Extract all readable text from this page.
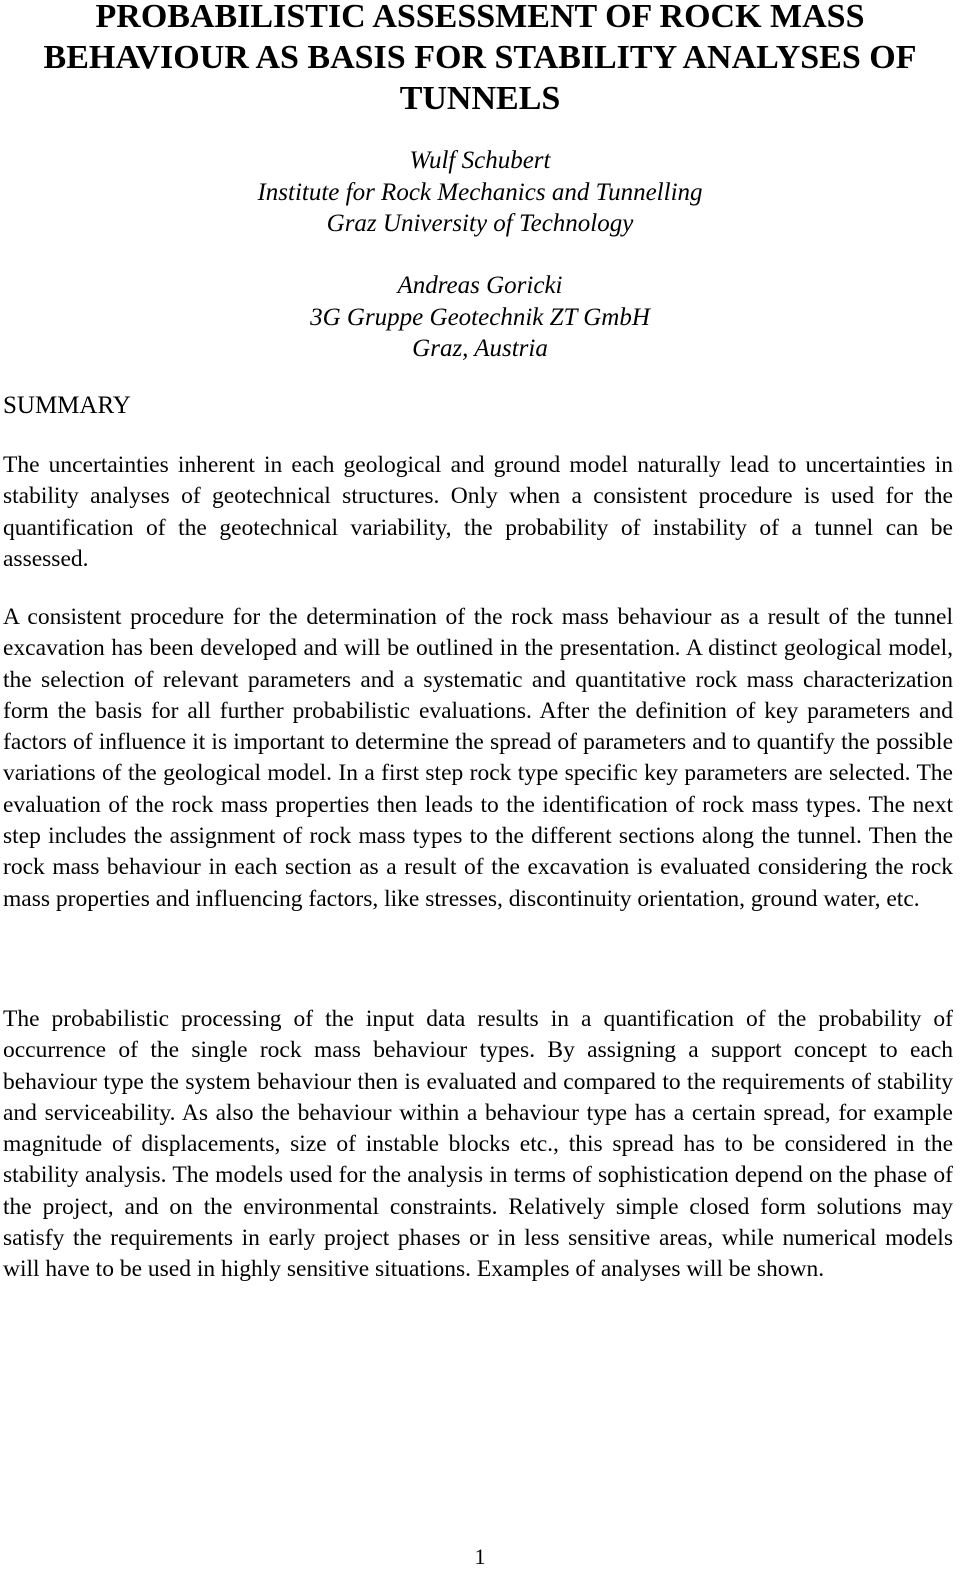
PROBABILISTIC ASSESSMENT OF ROCK MASS
BEHAVIOUR AS BASIS FOR STABILITY ANALYSES OF
TUNNELS
Wulf Schubert
Institute for Rock Mechanics and Tunnelling
Graz University of Technology
Andreas Goricki
3G Gruppe Geotechnik ZT GmbH
Graz, Austria
SUMMARY

The uncertainties inherent in each geological and ground model naturally lead to uncertainties in stability analyses of geotechnical structures. Only when a consistent procedure is used for the quantification of the geotechnical variability, the probability of instability of a tunnel can be assessed.

A consistent procedure for the determination of the rock mass behaviour as a result of the tunnel excavation has been developed and will be outlined in the presentation. A distinct geological model, the selection of relevant parameters and a systematic and quantitative rock mass characterization form the basis for all further probabilistic evaluations. After the definition of key parameters and factors of influence it is important to determine the spread of parameters and to quantify the possible variations of the geological model. In a first step rock type specific key parameters are selected. The evaluation of the rock mass properties then leads to the identification of rock mass types. The next step includes the assignment of rock mass types to the different sections along the tunnel. Then the rock mass behaviour in each section as a result of the excavation is evaluated considering the rock mass properties and influencing factors, like stresses, discontinuity orientation, ground water, etc.

The probabilistic processing of the input data results in a quantification of the probability of occurrence of the single rock mass behaviour types. By assigning a support concept to each behaviour type the system behaviour then is evaluated and compared to the requirements of stability and serviceability. As also the behaviour within a behaviour type has a certain spread, for example magnitude of displacements, size of instable blocks etc., this spread has to be considered in the stability analysis. The models used for the analysis in terms of sophistication depend on the phase of the project, and on the environmental constraints. Relatively simple closed form solutions may satisfy the requirements in early project phases or in less sensitive areas, while numerical models will have to be used in highly sensitive situations. Examples of analyses will be shown.

1
